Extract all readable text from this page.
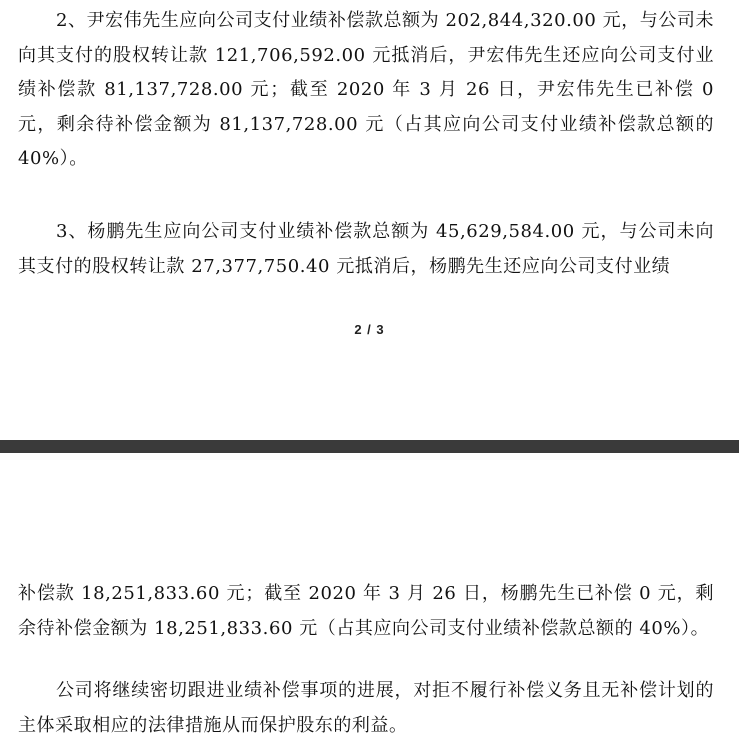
2、尹宏伟先生应向公司支付业绩补偿款总额为 202,844,320.00 元，与公司未向其支付的股权转让款 121,706,592.00 元抵消后，尹宏伟先生还应向公司支付业绩补偿款 81,137,728.00 元；截至 2020 年 3 月 26 日，尹宏伟先生已补偿 0 元，剩余待补偿金额为 81,137,728.00 元（占其应向公司支付业绩补偿款总额的 40%）。

3、杨鹏先生应向公司支付业绩补偿款总额为 45,629,584.00 元，与公司未向其支付的股权转让款 27,377,750.40 元抵消后，杨鹏先生还应向公司支付业绩

2 / 3

补偿款 18,251,833.60 元；截至 2020 年 3 月 26 日，杨鹏先生已补偿 0 元，剩余待补偿金额为 18,251,833.60 元（占其应向公司支付业绩补偿款总额的 40%）。

公司将继续密切跟进业绩补偿事项的进展，对拒不履行补偿义务且无补偿计划的主体采取相应的法律措施从而保护股东的利益。
